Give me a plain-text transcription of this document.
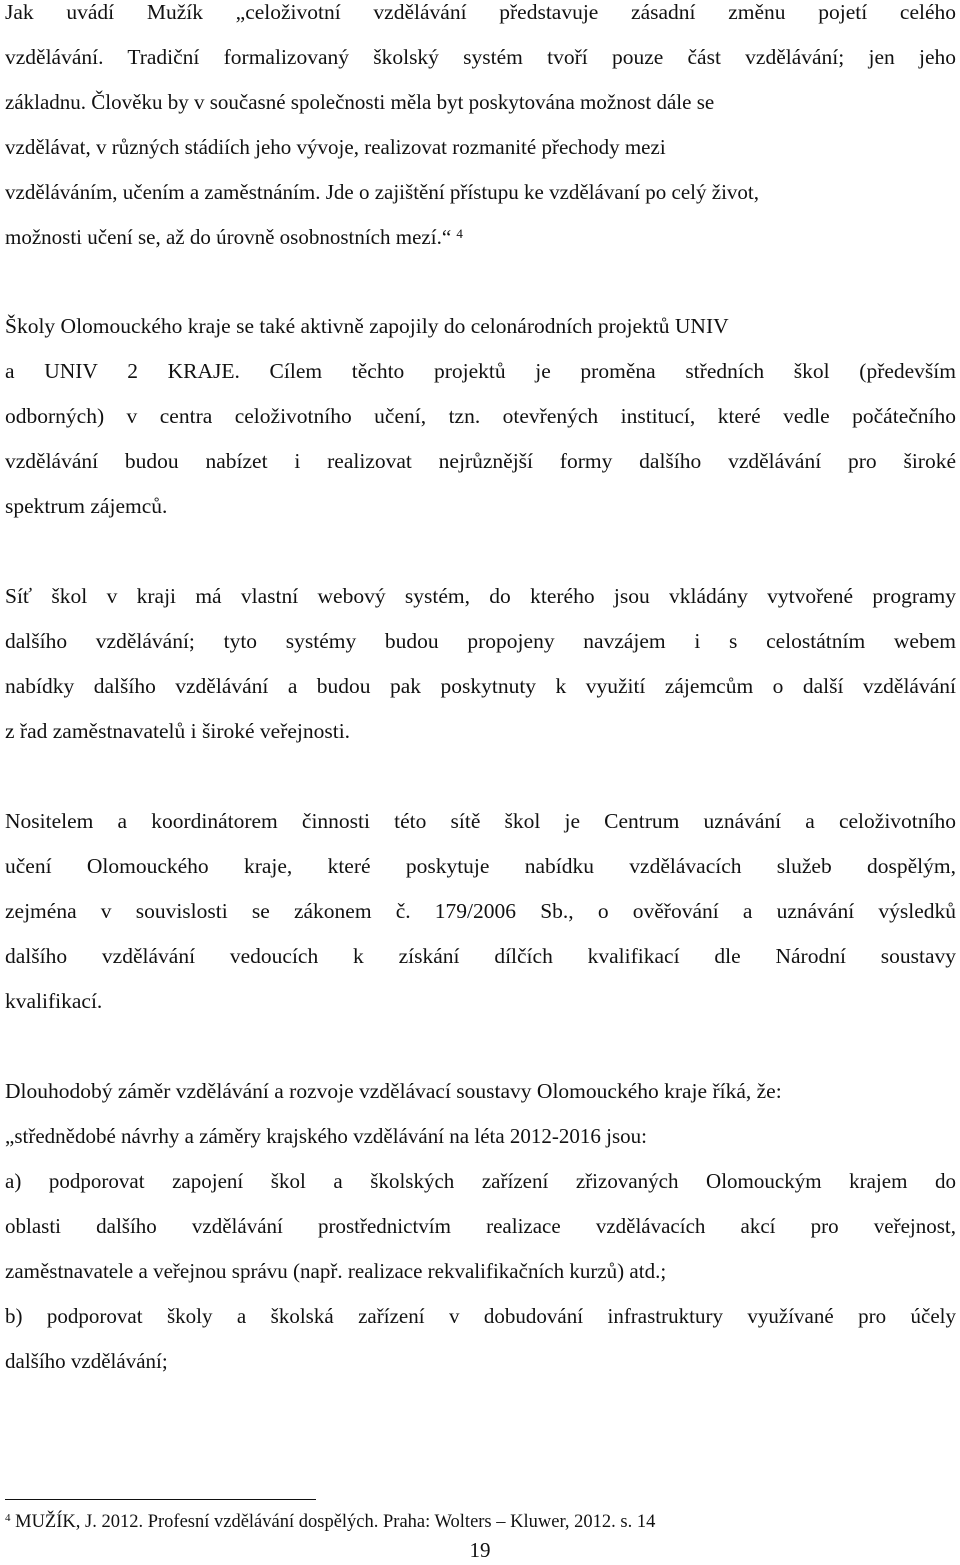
Jak uvádí Mužík „celoživotní vzdělávání představuje zásadní změnu pojetí celého
vzdělávání. Tradiční formalizovaný školský systém tvoří pouze část vzdělávání; jen jeho
základnu. Člověku by v současné společnosti měla byt poskytována možnost dále se
vzdělávat, v různých stádiích jeho vývoje, realizovat rozmanité přechody mezi
vzděláváním, učením a zaměstnáním. Jde o zajištění přístupu ke vzdělávaní po celý život,
možnosti učení se, až do úrovně osobnostních mezí.“ $^4$
Školy Olomouckého kraje se také aktivně zapojily do celonárodních projektů UNIV
a UNIV 2 KRAJE. Cílem těchto projektů je proměna středních škol (především
odborných) v centra celoživotního učení, tzn. otevřených institucí, které vedle počátečního
vzdělávání budou nabízet i realizovat nejrůznější formy dalšího vzdělávání pro široké
spektrum zájemců.
Síť škol v kraji má vlastní webový systém, do kterého jsou vkládány vytvořené programy
dalšího vzdělávání; tyto systémy budou propojeny navzájem i s celostátním webem
nabídky dalšího vzdělávání a budou pak poskytnuty k využití zájemcům o další vzdělávání
z řad zaměstnavatelů i široké veřejnosti.
Nositelem a koordinátorem činnosti této sítě škol je Centrum uznávání a celoživotního
učení Olomouckého kraje, které poskytuje nabídku vzdělávacích služeb dospělým,
zejména v souvislosti se zákonem č. 179/2006 Sb., o ověřování a uznávání výsledků
dalšího vzdělávání vedoucích k získání dílčích kvalifikací dle Národní soustavy
kvalifikací.
Dlouhodobý záměr vzdělávání a rozvoje vzdělávací soustavy Olomouckého kraje říká, že:
„střednědobé návrhy a záměry krajského vzdělávání na léta 2012-2016 jsou:
a) podporovat zapojení škol a školských zařízení zřizovaných Olomouckým krajem do
oblasti dalšího vzdělávání prostřednictvím realizace vzdělávacích akcí pro veřejnost,
zaměstnavatele a veřejnou správu (např. realizace rekvalifikačních kurzů) atd.;
b) podporovat školy a školská zařízení v dobudování infrastruktury využívané pro účely
dalšího vzdělávání;
$^4$ MUŽÍK, J. 2012. Profesní vzdělávání dospělých. Praha: Wolters – Kluwer, 2012. s. 14
19
